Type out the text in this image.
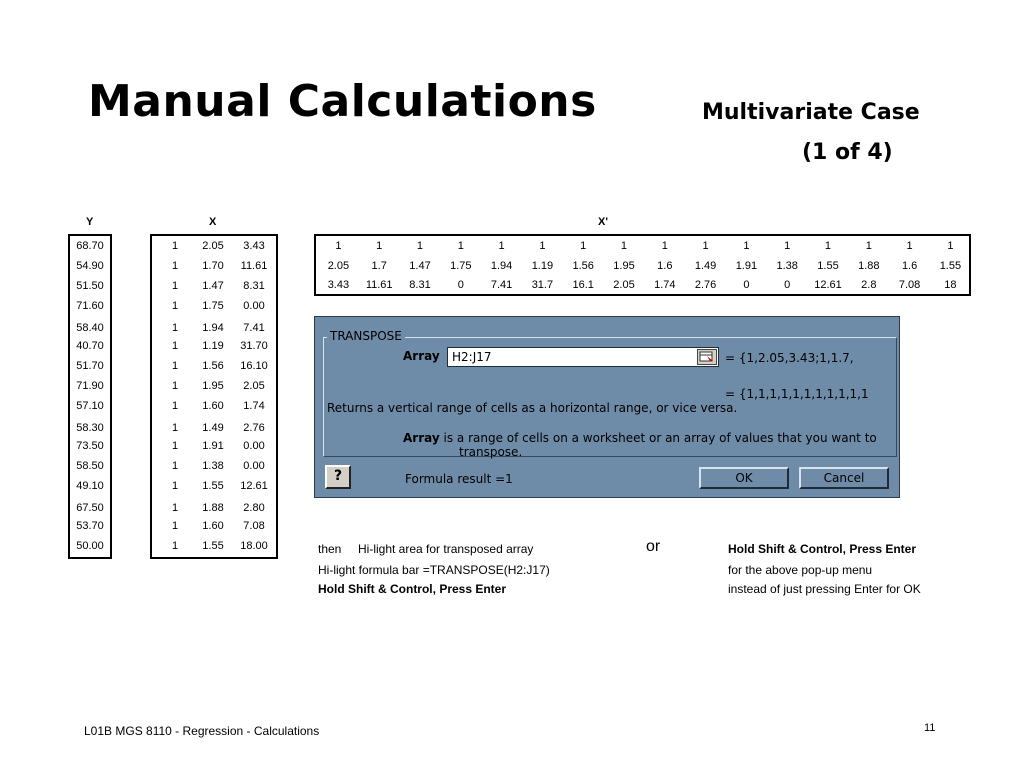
Manual Calculations	Multivariate Case
(1 of 4)
Y	X	X'
68.70
54.90
51.50
71.60
58.40
40.70
51.70
71.90
57.10
58.30
73.50
58.50
49.10
67.50
53.70
50.00
1	2.05	3.43
1	1.70	11.61
1	1.47	8.31
1	1.75	0.00
1	1.94	7.41
1	1.19	31.70
1	1.56	16.10
1	1.95	2.05
1	1.60	1.74
1	1.49	2.76
1	1.91	0.00
1	1.38	0.00
1	1.55	12.61
1	1.88	2.80
1	1.60	7.08
1	1.55	18.00
1	1	1	1	1	1	1	1	1	1	1	1	1	1	1	1
2.05	1.7	1.47	1.75	1.94	1.19	1.56	1.95	1.6	1.49	1.91	1.38	1.55	1.88	1.6	1.55
3.43	11.61	8.31	0	7.41	31.7	16.1	2.05	1.74	2.76	0	0	12.61	2.8	7.08	18
TRANSPOSE
Array	H2:J17	= {1,2.05,3.43;1,1.7,
= {1,1,1,1,1,1,1,1,1,1,1
Returns a vertical range of cells as a horizontal range, or vice versa.
Array is a range of cells on a worksheet or an array of values that you want to
transpose.
?	Formula result =1	OK	Cancel
then Hi-light area for transposed array
Hi-light formula bar =TRANSPOSE(H2:J17)
Hold Shift & Control, Press Enter
or	Hold Shift & Control, Press Enter
for the above pop-up menu
instead of just pressing Enter for OK
L01B MGS 8110 - Regression - Calculations	11
